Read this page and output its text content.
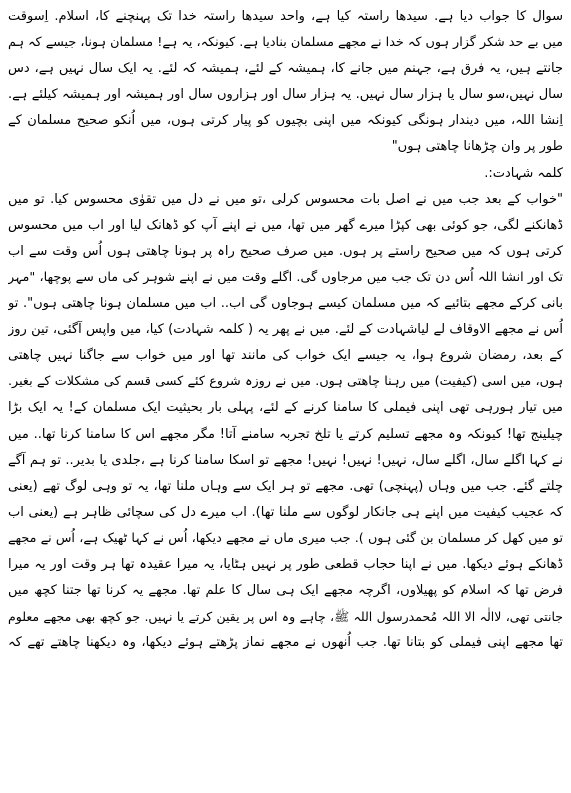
سوال کا جواب دیا ہے. سیدھا راستہ کیا ہے، واحد سیدھا راستہ خدا تک پہنچنے کا، اسلام. اِسوقت
میں بے حد شکر گزار ہوں کہ خدا نے مجھے مسلمان بنادیا ہے. کیونکہ، یہ ہے! مسلمان ہونا، جیسے کہ ہم
جانتے ہیں، یہ فرق ہے، جہنم میں جانے کا، ہمیشہ کے لئے، ہمیشہ کہ لئے. یہ ایک سال نہیں ہے، دس
سال نہیں،سو سال یا ہزار سال نہیں. یہ ہزار سال اور ہزاروں سال اور ہمیشہ اور ہمیشہ کیلئے ہے.
اِنشا اللہ، میں دیندار ہونگی کیونکہ میں اپنی بچیوں کو پیار کرتی ہوں، میں اُنکو صحیح مسلمان کے
طور پر وان چڑھانا چاھتی ہوں"
کلمہ شہادت:.
"خواب کے بعد جب میں نے اصل بات محسوس کرلی ،تو میں نے دل میں تقوٰی محسوس کیا. تو میں
ڈھانکنے لگی، جو کوئی بھی کپڑا میرے گھر میں تھا، میں نے اپنے آپ کو ڈھانک لیا اور اب میں محسوس
کرتی ہوں کہ میں صحیح راستے پر ہوں. میں صرف صحیح راہ پر ہونا چاھتی ہوں اُس وقت سے اب
تک اور انشا اللہ اُس دن تک جب میں مرجاوں گی. اگلے وقت میں نے اپنے شوہر کی ماں سے پوچھا، "مہر
بانی کرکے مجھے بتائیے کہ میں مسلمان کیسے ہوجاوں گی اب.. اب میں مسلمان ہونا چاھتی ہوں". تو
اُس نے مجھے الاوقاف لے لیاشہادت کے لئے. میں نے پھر یہ ( کلمہ شہادت) کیا، میں واپس آگئی، تین روز
کے بعد، رمضان شروع ہوا، یہ جیسے ایک خواب کی مانند تھا اور میں خواب سے جاگنا نہیں چاھتی
ہوں، میں اسی (کیفیت) میں رہنا چاھتی ہوں. میں نے روزہ شروع کئے کسی قسم کی مشکلات کے بغیر.
میں تیار ہورہی تھی اپنی فیملی کا سامنا کرنے کے لئے، پہلی بار بحیثیت ایک مسلمان کے! یہ ایک بڑا
چیلینج تھا! کیونکہ وہ مجھے تسلیم کرتے یا تلخ تجربہ سامنے آتا! مگر مجھے اس کا سامنا کرنا تھا.. میں
نے کہا اگلے سال، اگلے سال، نہیں! نہیں! نہیں! مجھے تو اسکا سامنا کرنا ہے ،جلدی یا بدیر.. تو ہم آگے
چلتے گئے. جب میں وہاں (پہنچی) تھی. مجھے تو ہر ایک سے وہاں ملنا تھا، یہ تو وہی لوگ تھے (یعنی
کہ عجیب کیفیت میں اپنے ہی جانکار لوگوں سے ملنا تھا). اب میرے دل کی سچائی ظاہر ہے (یعنی اب
تو میں کھل کر مسلمان بن گئی ہوں ). جب میری ماں نے مجھے دیکھا، اُس نے کہا ٹھیک ہے، اُس نے مجھے
ڈھانکے ہوئے دیکھا. میں نے اپنا حجاب قطعی طور پر نہیں ہٹایا، یہ میرا عقیدہ تھا ہر وقت اور یہ میرا
فرض تھا کہ اسلام کو پھیلاوں، اگرچہ مجھے ایک ہی سال کا علم تھا. مجھے یہ کرنا تھا جتنا کچھ میں
جانتی تھی، لاالٰہ الا اللہ مُحمدرسول اللہ ﷺ، چاہے وہ اس پر یقین کرتے یا نہیں. جو کچھ بھی مجھے معلوم
تھا مجھے اپنی فیملی کو بتانا تھا. جب اُنھوں نے مجھے نماز پڑھتے ہوئے دیکھا، وہ دیکھنا چاھتے تھے کہ
